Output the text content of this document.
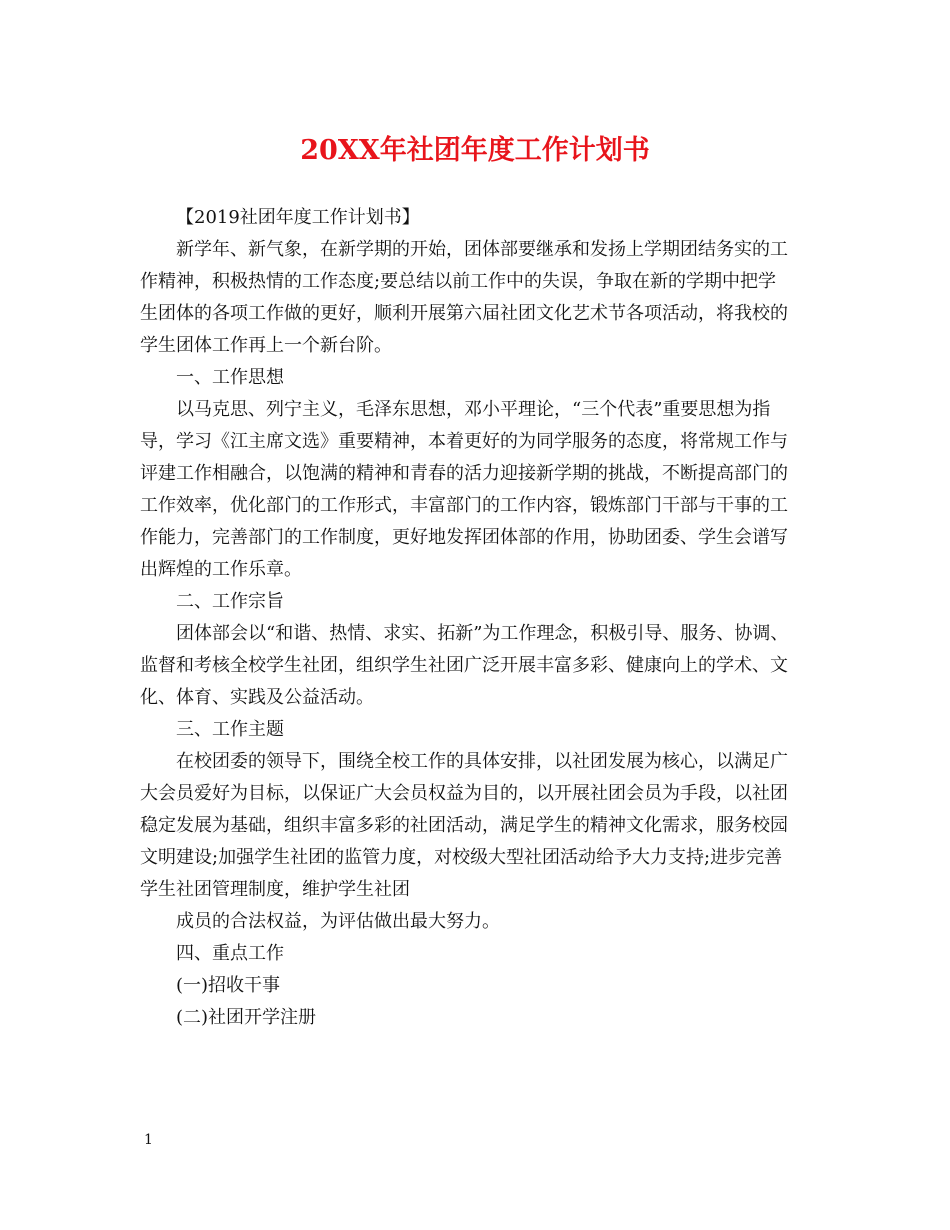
20XX年社团年度工作计划书

【2019社团年度工作计划书】

新学年、新气象，在新学期的开始，团体部要继承和发扬上学期团结务实的工

作精神，积极热情的工作态度;要总结以前工作中的失误，争取在新的学期中把学

生团体的各项工作做的更好，顺利开展第六届社团文化艺术节各项活动，将我校的

学生团体工作再上一个新台阶。

一、工作思想

以马克思、列宁主义，毛泽东思想，邓小平理论，“三个代表”重要思想为指

导，学习《江主席文选》重要精神，本着更好的为同学服务的态度，将常规工作与

评建工作相融合，以饱满的精神和青春的活力迎接新学期的挑战，不断提高部门的

工作效率，优化部门的工作形式，丰富部门的工作内容，锻炼部门干部与干事的工

作能力，完善部门的工作制度，更好地发挥团体部的作用，协助团委、学生会谱写

出辉煌的工作乐章。

二、工作宗旨

团体部会以“和谐、热情、求实、拓新”为工作理念，积极引导、服务、协调、

监督和考核全校学生社团，组织学生社团广泛开展丰富多彩、健康向上的学术、文

化、体育、实践及公益活动。

三、工作主题

在校团委的领导下，围绕全校工作的具体安排，以社团发展为核心，以满足广

大会员爱好为目标，以保证广大会员权益为目的，以开展社团会员为手段，以社团

稳定发展为基础，组织丰富多彩的社团活动，满足学生的精神文化需求，服务校园

文明建设;加强学生社团的监管力度，对校级大型社团活动给予大力支持;进步完善

学生社团管理制度，维护学生社团

成员的合法权益，为评估做出最大努力。

四、重点工作

(一)招收干事

(二)社团开学注册

1
